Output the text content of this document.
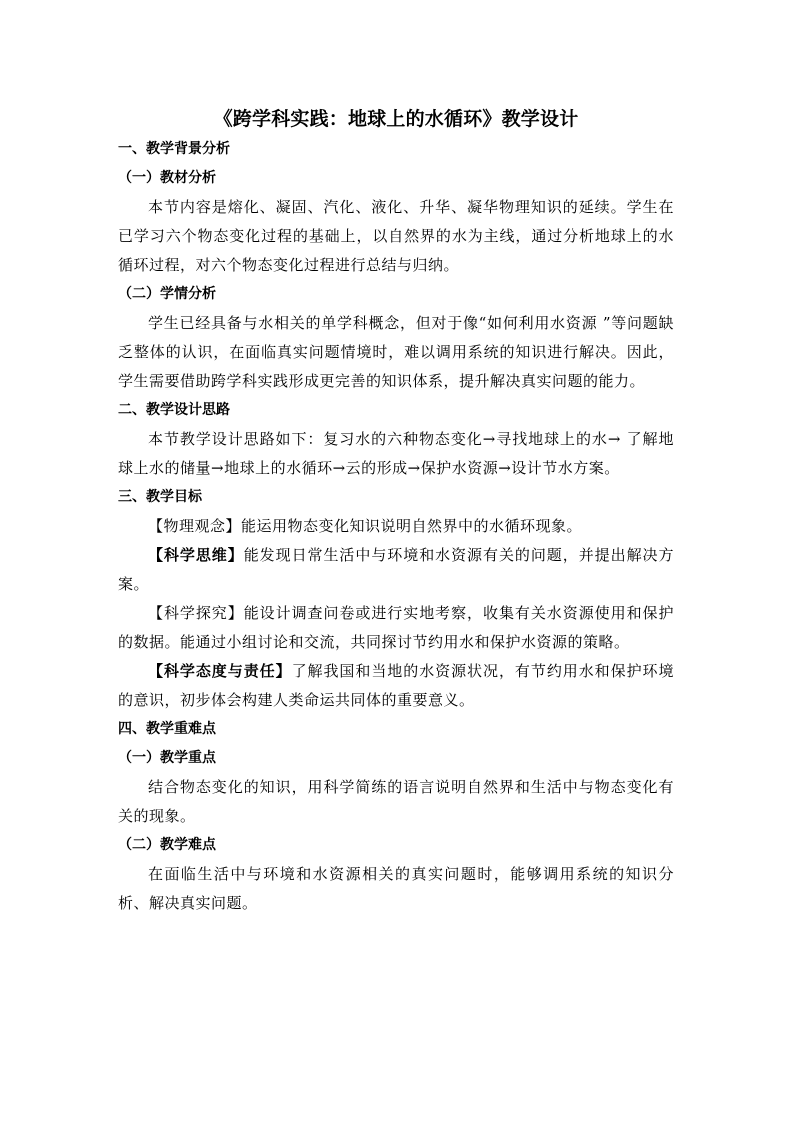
《跨学科实践：地球上的水循环》教学设计
一、教学背景分析
（一）教材分析

本节内容是熔化、凝固、汽化、液化、升华、凝华物理知识的延续。学生在已学习六个物态变化过程的基础上，以自然界的水为主线，通过分析地球上的水循环过程，对六个物态变化过程进行总结与归纳。

（二）学情分析

学生已经具备与水相关的单学科概念，但对于像“如何利用水资源 ”等问题缺乏整体的认识，在面临真实问题情境时，难以调用系统的知识进行解决。因此，学生需要借助跨学科实践形成更完善的知识体系，提升解决真实问题的能力。

二、教学设计思路

本节教学设计思路如下：复习水的六种物态变化→寻找地球上的水→ 了解地球上水的储量→地球上的水循环→云的形成→保护水资源→设计节水方案。

三、教学目标

【物理观念】能运用物态变化知识说明自然界中的水循环现象。

【科学思维】能发现日常生活中与环境和水资源有关的问题，并提出解决方案。

【科学探究】能设计调查问卷或进行实地考察，收集有关水资源使用和保护的数据。能通过小组讨论和交流，共同探讨节约用水和保护水资源的策略。

【科学态度与责任】了解我国和当地的水资源状况，有节约用水和保护环境的意识，初步体会构建人类命运共同体的重要意义。

四、教学重难点
（一）教学重点

结合物态变化的知识，用科学简练的语言说明自然界和生活中与物态变化有关的现象。

（二）教学难点

在面临生活中与环境和水资源相关的真实问题时，能够调用系统的知识分析、解决真实问题。
